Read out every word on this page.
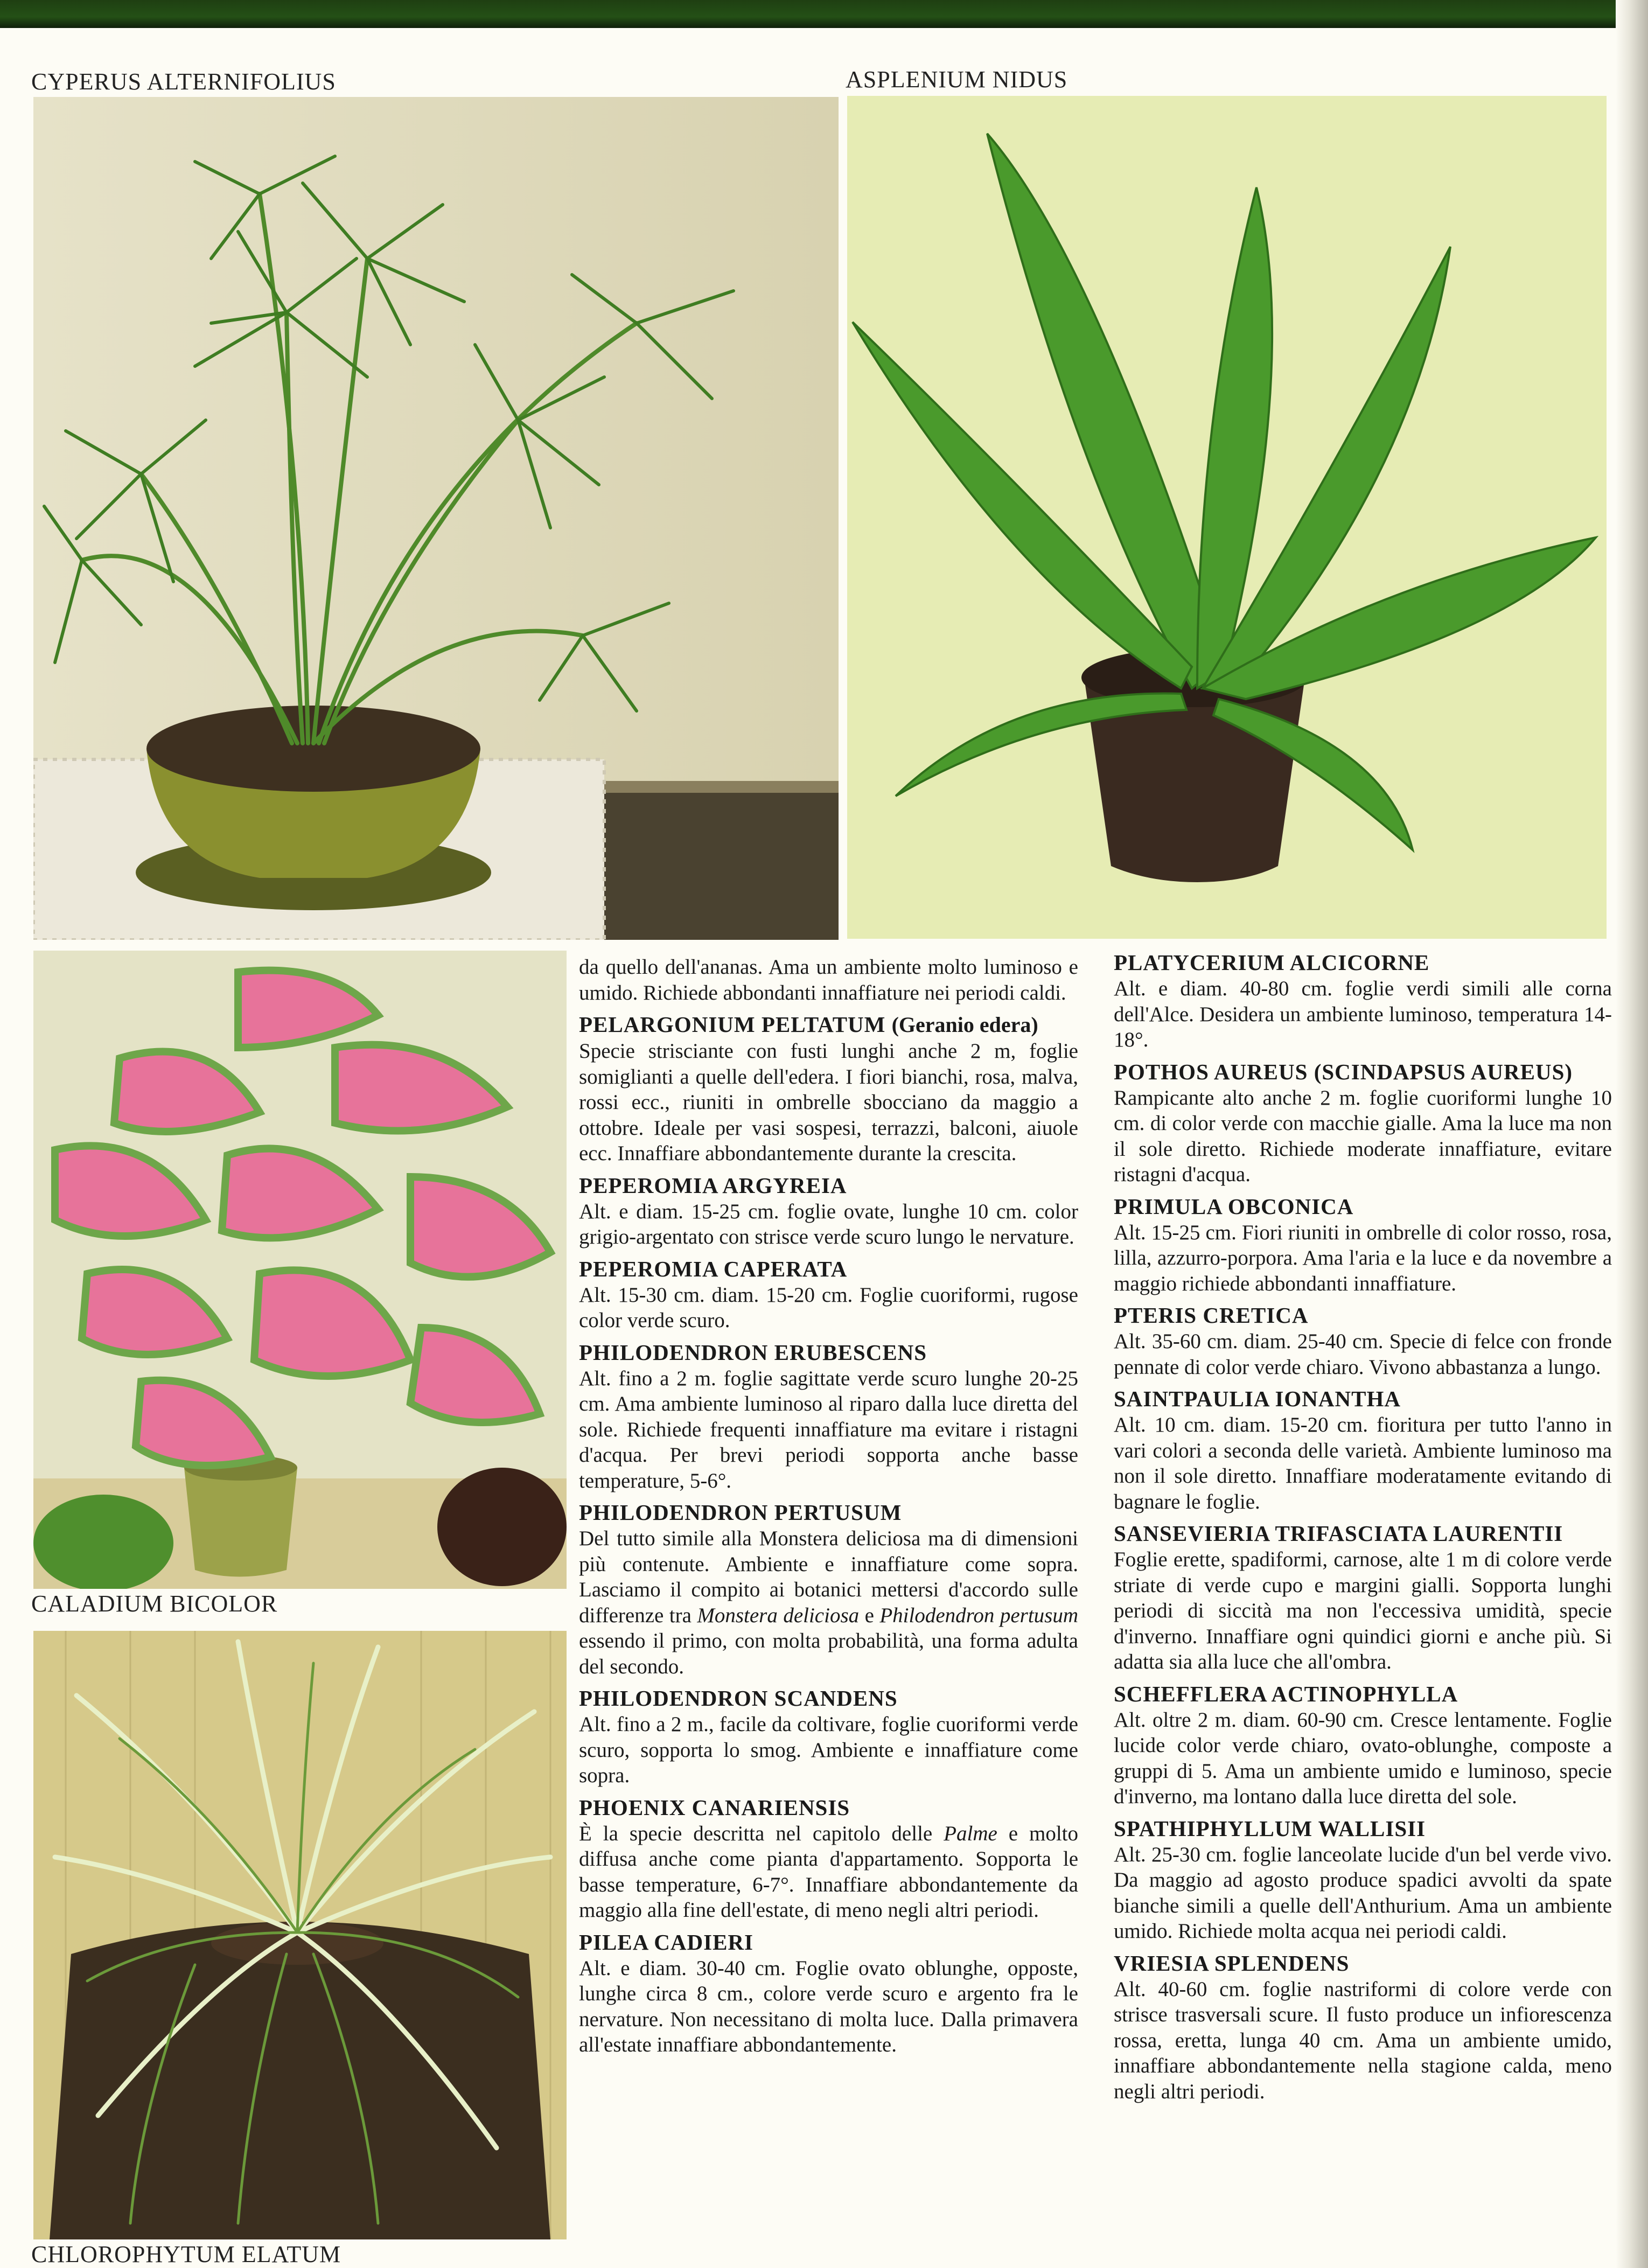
CYPERUS ALTERNIFOLIUS	ASPLENIUM NIDUS
CALADIUM BICOLOR
CHLOROPHYTUM ELATUM

da quello dell'ananas. Ama un ambiente molto luminoso e umido. Richiede abbondanti innaffiature nei periodi caldi.

PELARGONIUM PELTATUM (Geranio edera)

Specie strisciante con fusti lunghi anche 2 m, foglie somiglianti a quelle dell'edera. I fiori bianchi, rosa, malva, rossi ecc., riuniti in ombrelle sbocciano da maggio a ottobre. Ideale per vasi sospesi, terrazzi, balconi, aiuole ecc. Innaffiare abbondantemente durante la crescita.

PEPEROMIA ARGYREIA

Alt. e diam. 15-25 cm. foglie ovate, lunghe 10 cm. color grigio-argentato con strisce verde scuro lungo le nervature.

PEPEROMIA CAPERATA

Alt. 15-30 cm. diam. 15-20 cm. Foglie cuoriformi, rugose color verde scuro.

PHILODENDRON ERUBESCENS

Alt. fino a 2 m. foglie sagittate verde scuro lunghe 20-25 cm. Ama ambiente luminoso al riparo dalla luce diretta del sole. Richiede frequenti innaffiature ma evitare i ristagni d'acqua. Per brevi periodi sopporta anche basse temperature, 5-6°.

PHILODENDRON PERTUSUM

Del tutto simile alla Monstera deliciosa ma di dimensioni più contenute. Ambiente e innaffiature come sopra. Lasciamo il compito ai botanici mettersi d'accordo sulle differenze tra Monstera deliciosa e Philodendron pertusum essendo il primo, con molta probabilità, una forma adulta del secondo.

PHILODENDRON SCANDENS

Alt. fino a 2 m., facile da coltivare, foglie cuoriformi verde scuro, sopporta lo smog. Ambiente e innaffiature come sopra.

PHOENIX CANARIENSIS

È la specie descritta nel capitolo delle Palme e molto diffusa anche come pianta d'appartamento. Sopporta le basse temperature, 6-7°. Innaffiare abbondantemente da maggio alla fine dell'estate, di meno negli altri periodi.

PILEA CADIERI

Alt. e diam. 30-40 cm. Foglie ovato oblunghe, opposte, lunghe circa 8 cm., colore verde scuro e argento fra le nervature. Non necessitano di molta luce. Dalla primavera all'estate innaffiare abbondantemente.

PLATYCERIUM ALCICORNE

Alt. e diam. 40-80 cm. foglie verdi simili alle corna dell'Alce. Desidera un ambiente luminoso, temperatura 14-18°.

POTHOS AUREUS (SCINDAPSUS AUREUS)

Rampicante alto anche 2 m. foglie cuoriformi lunghe 10 cm. di color verde con macchie gialle. Ama la luce ma non il sole diretto. Richiede moderate innaffiature, evitare ristagni d'acqua.

PRIMULA OBCONICA

Alt. 15-25 cm. Fiori riuniti in ombrelle di color rosso, rosa, lilla, azzurro-porpora. Ama l'aria e la luce e da novembre a maggio richiede abbondanti innaffiature.

PTERIS CRETICA

Alt. 35-60 cm. diam. 25-40 cm. Specie di felce con fronde pennate di color verde chiaro. Vivono abbastanza a lungo.

SAINTPAULIA IONANTHA

Alt. 10 cm. diam. 15-20 cm. fioritura per tutto l'anno in vari colori a seconda delle varietà. Ambiente luminoso ma non il sole diretto. Innaffiare moderatamente evitando di bagnare le foglie.

SANSEVIERIA TRIFASCIATA LAURENTII

Foglie erette, spadiformi, carnose, alte 1 m di colore verde striate di verde cupo e margini gialli. Sopporta lunghi periodi di siccità ma non l'eccessiva umidità, specie d'inverno. Innaffiare ogni quindici giorni e anche più. Si adatta sia alla luce che all'ombra.

SCHEFFLERA ACTINOPHYLLA

Alt. oltre 2 m. diam. 60-90 cm. Cresce lentamente. Foglie lucide color verde chiaro, ovato-oblunghe, composte a gruppi di 5. Ama un ambiente umido e luminoso, specie d'inverno, ma lontano dalla luce diretta del sole.

SPATHIPHYLLUM WALLISII

Alt. 25-30 cm. foglie lanceolate lucide d'un bel verde vivo. Da maggio ad agosto produce spadici avvolti da spate bianche simili a quelle dell'Anthurium. Ama un ambiente umido. Richiede molta acqua nei periodi caldi.

VRIESIA SPLENDENS

Alt. 40-60 cm. foglie nastriformi di colore verde con strisce trasversali scure. Il fusto produce un infiorescenza rossa, eretta, lunga 40 cm. Ama un ambiente umido, innaffiare abbondantemente nella stagione calda, meno negli altri periodi.
